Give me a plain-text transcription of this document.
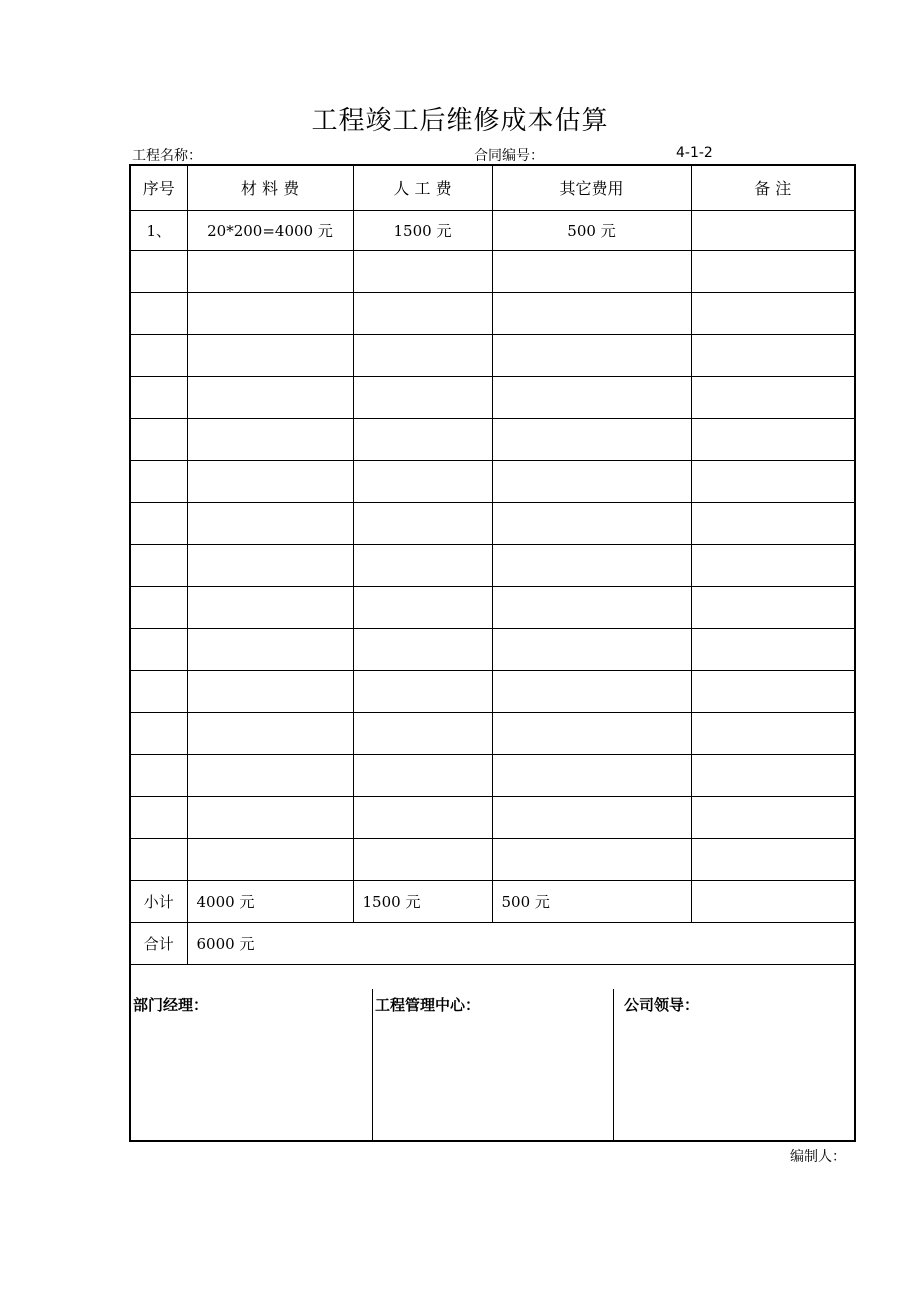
工程竣工后维修成本估算
工程名称：	合同编号：	4-1-2
序号	材 料 费	人 工 费	其它费用	备 注
1、	20*200=4000 元	1500 元	500 元	

小计	4000 元	1500 元	500 元	
合计	6000 元			
部门经理：	工程管理中心：	公司领导：
编制人：
